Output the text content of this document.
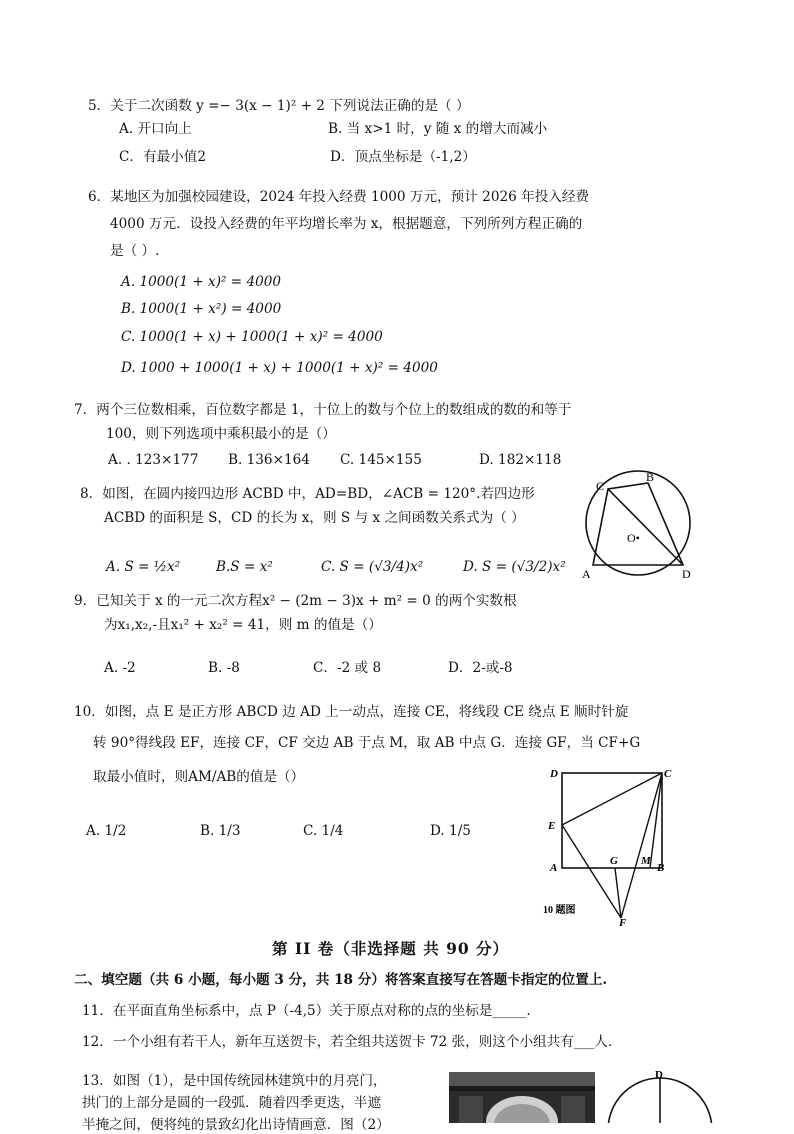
5．关于二次函数 y =− 3(x − 1)² + 2 下列说法正确的是（ ）
A. 开口向上	B. 当 x>1 时，y 随 x 的增大而减小
C．有最小值2	D．顶点坐标是（-1,2）
6．某地区为加强校园建设，2024 年投入经费 1000 万元，预计 2026 年投入经费
4000 万元．设投入经费的年平均增长率为 x，根据题意，下列所列方程正确的
是（ ）.
A. 1000(1 + x)² = 4000
B. 1000(1 + x²) = 4000
C. 1000(1 + x) + 1000(1 + x)² = 4000
D. 1000 + 1000(1 + x) + 1000(1 + x)² = 4000
7．两个三位数相乘，百位数字都是 1，十位上的数与个位上的数组成的数的和等于
100，则下列选项中乘积最小的是（）
A. . 123×177 B. 136×164 C. 145×155	D. 182×118
8．如图，在圆内接四边形 ACBD 中，AD=BD，∠ACB = 120°.若四边形
ACBD 的面积是 S，CD 的长为 x，则 S 与 x 之间函数关系式为（ ）
A. S = ½x²	B.S = x²	C. S = (√3/4)x²	D. S = (√3/2)x² A
B
C
D
O•
9．已知关于 x 的一元二次方程x² − (2m − 3)x + m² = 0 的两个实数根
为x₁,x₂,-且x₁² + x₂² = 41，则 m 的值是（）
A. -2	B. -8	C．-2 或 8	D．2-或-8
10．如图，点 E 是正方形 ABCD 边 AD 上一动点，连接 CE，将线段 CE 绕点 E 顺时针旋
转 90°得线段 EF，连接 CF，CF 交边 AB 于点 M，取 AB 中点 G．连接 GF，当 CF+G
取最小值时，则AM/AB的值是（）
A. 1/2	B. 1/3	C. 1/4	D. 1/5
D	C
E
A
G M
B
F
10 题图
第 II 卷（非选择题 共 90 分）
二、填空题（共 6 小题，每小题 3 分，共 18 分）将答案直接写在答题卡指定的位置上.
11．在平面直角坐标系中，点 P（-4,5）关于原点对称的点的坐标是_____.
12．一个小组有若干人，新年互送贺卡，若全组共送贺卡 72 张，则这个小组共有___人.
13．如图（1），是中国传统园林建筑中的月亮门，
拱门的上部分是圆的一段弧．随着四季更迭，半遮
半掩之间，便将纯的景致幻化出诗情画意．图（2）
D
